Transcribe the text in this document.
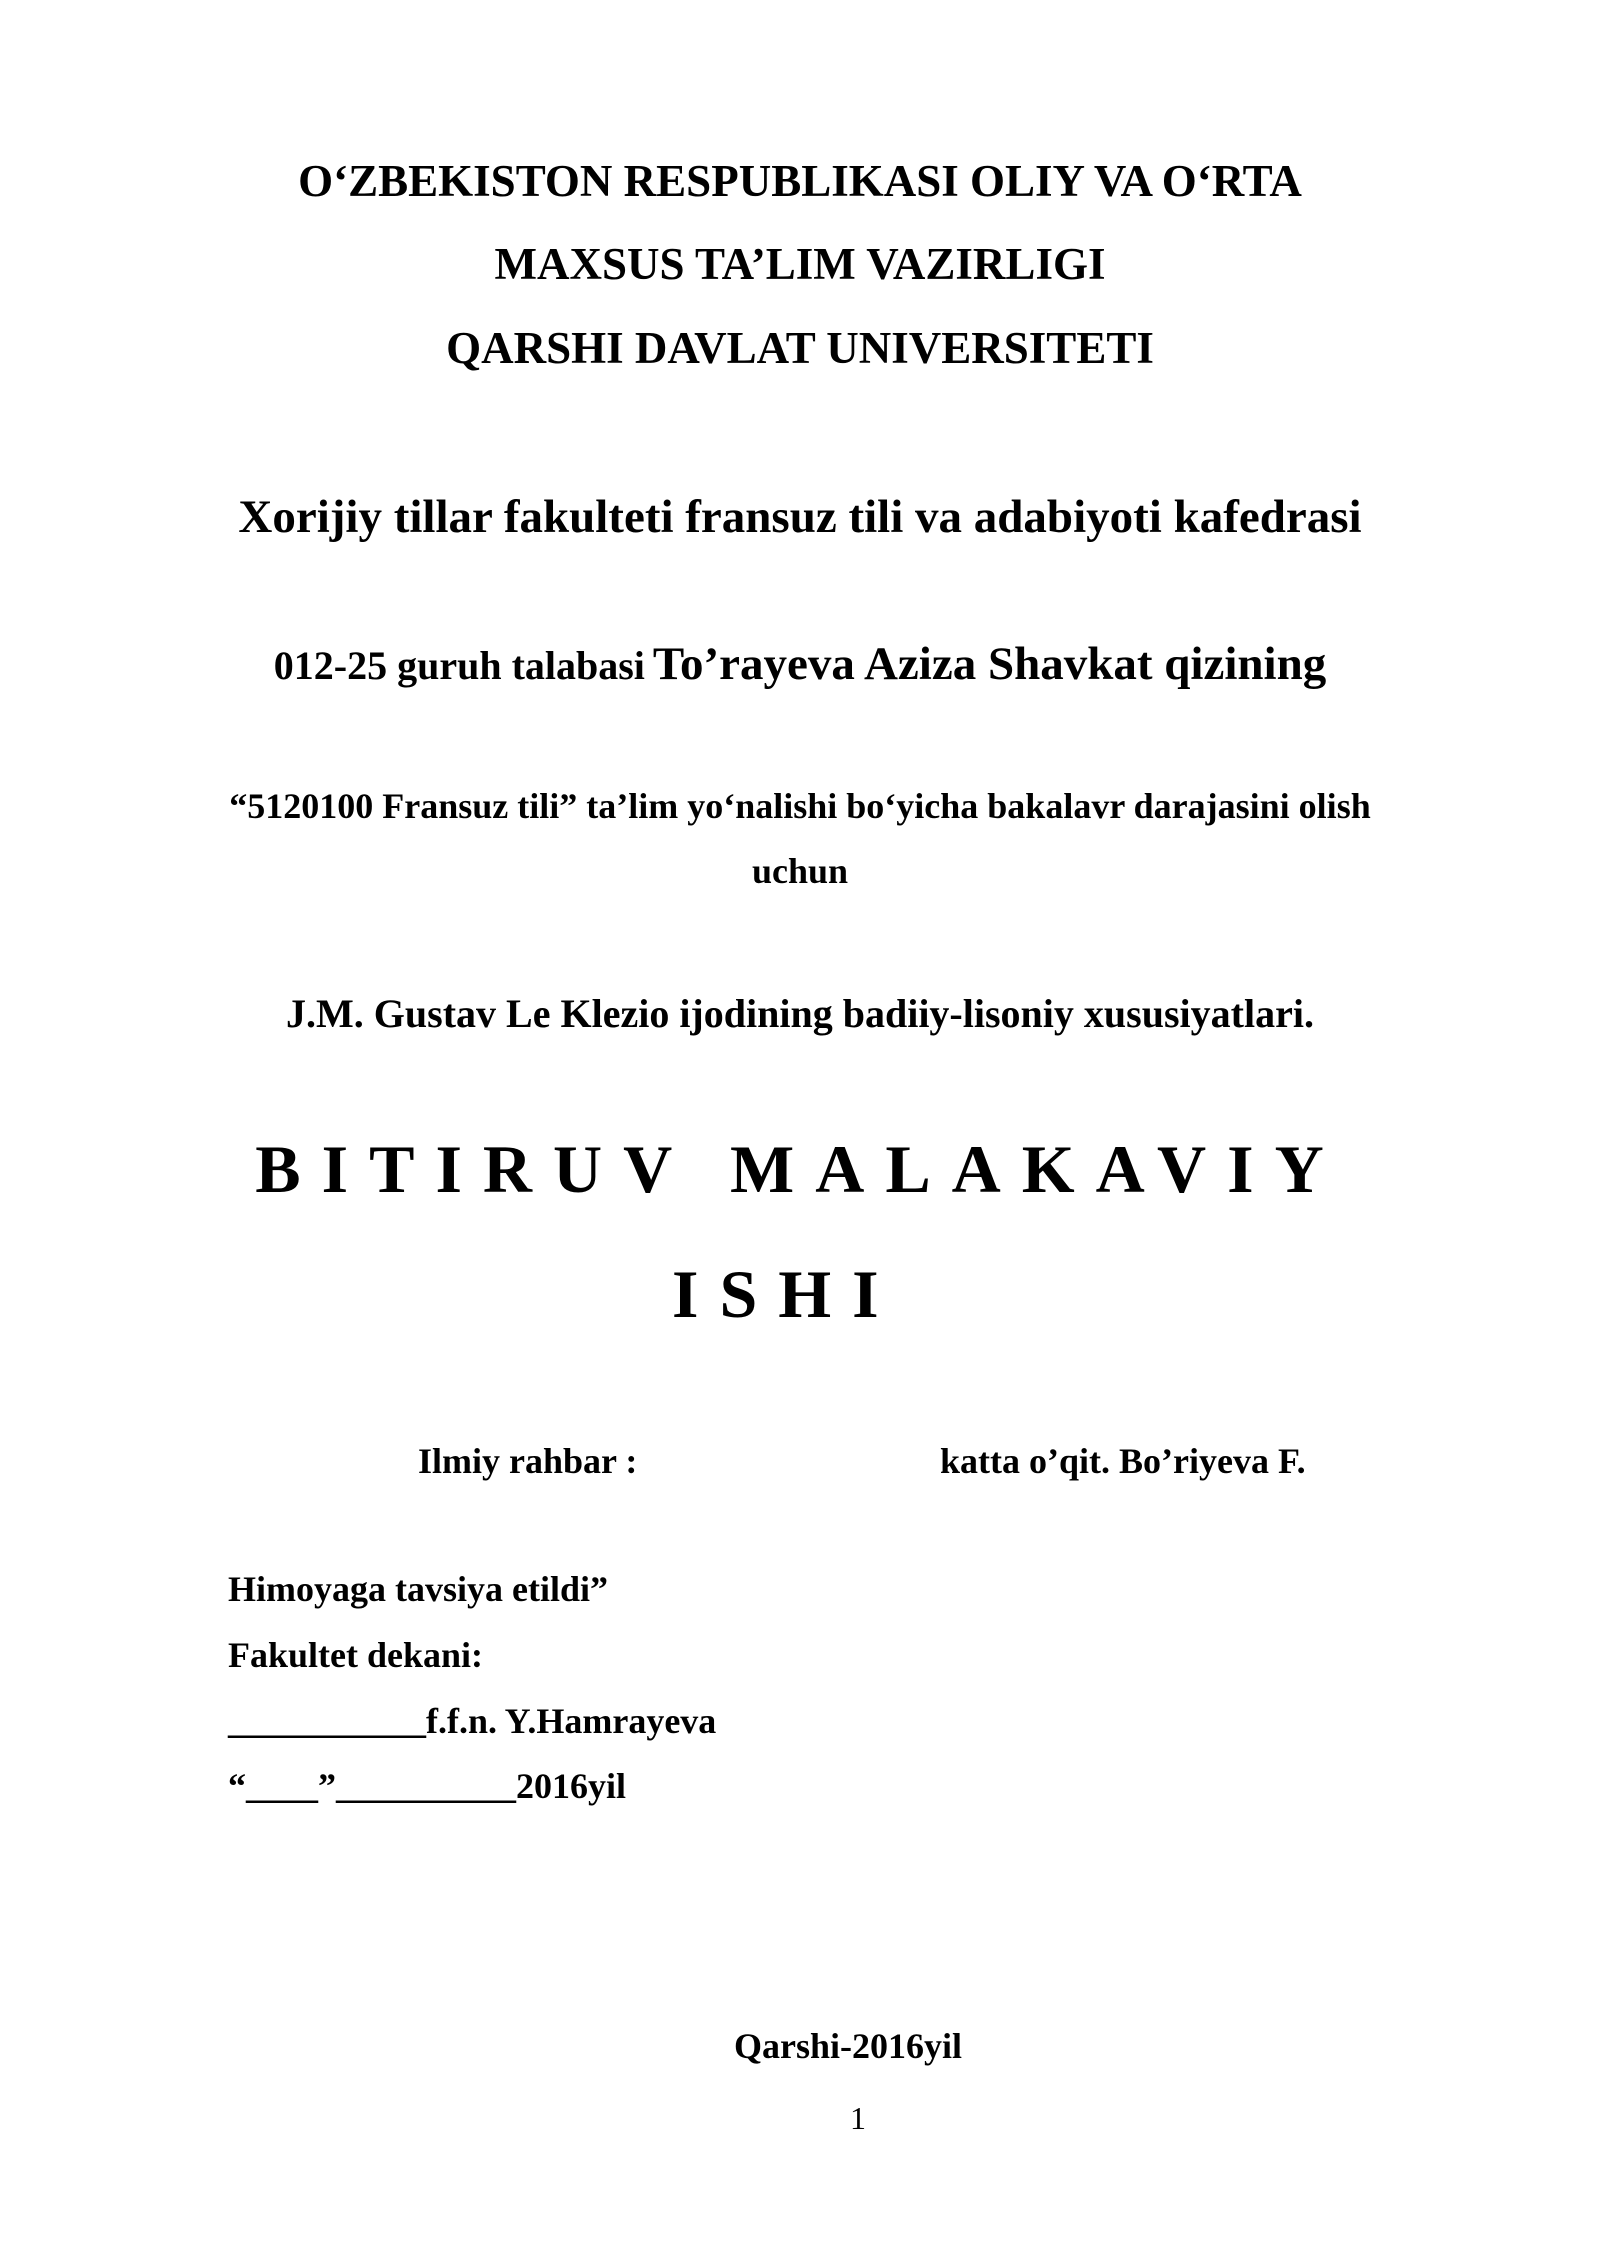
O‘ZBEKISTON RESPUBLIKASI OLIY VA O‘RTA
MAXSUS TA’LIM VAZIRLIGI
QARSHI DAVLAT UNIVERSITETI
Xorijiy tillar fakulteti fransuz tili va adabiyoti kafedrasi
012-25 guruh talabasi To’rayeva Aziza Shavkat qizining
“5120100 Fransuz tili” ta’lim yo‘nalishi bo‘yicha bakalavr darajasini olish
uchun
J.M. Gustav Le Klezio ijodining badiiy-lisoniy xususiyatlari.
BITIRUV MALAKAVIY
ISHI
Ilmiy rahbar :	katta o’qit. Bo’riyeva F.
Himoyaga tavsiya etildi”
Fakultet dekani:
___________f.f.n. Y.Hamrayeva
“____”__________2016yil
Qarshi-2016yil
1
